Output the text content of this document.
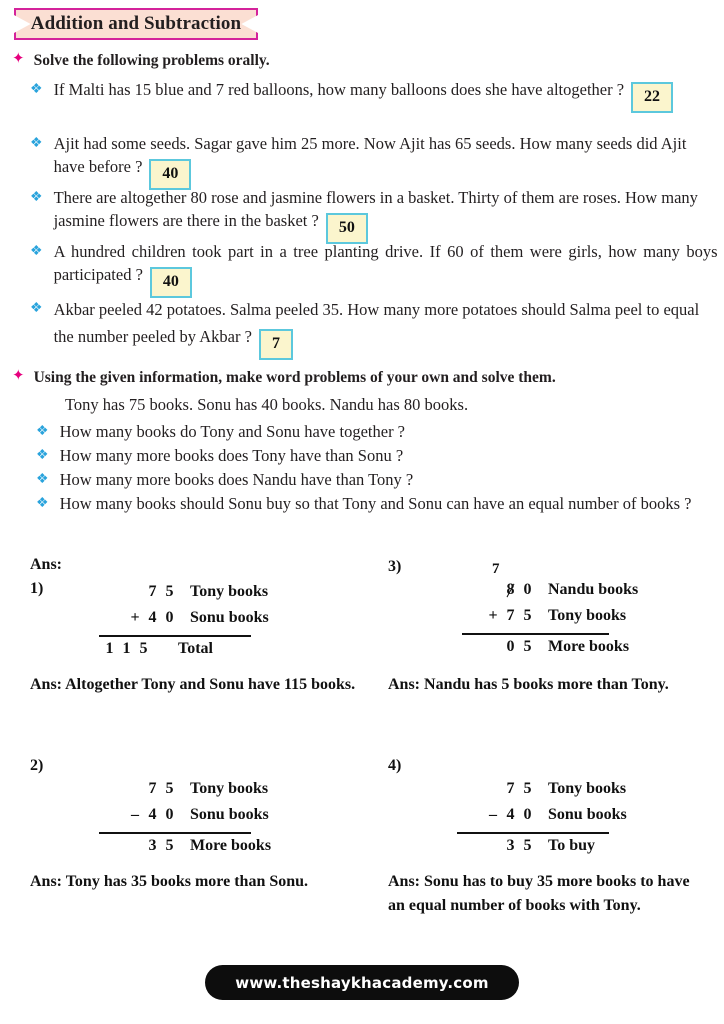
Addition and Subtraction
✦ Solve the following problems orally.
❖ If Malti has 15 blue and 7 red balloons, how many balloons does she have altogether ? 22
❖ Ajit had some seeds. Sagar gave him 25 more. Now Ajit has 65 seeds. How many seeds did Ajit have before ? 40
❖ There are altogether 80 rose and jasmine flowers in a basket. Thirty of them are roses. How many jasmine flowers are there in the basket ? 50
❖ A hundred children took part in a tree planting drive. If 60 of them were girls, how many boys participated ? 40
❖ Akbar peeled 42 potatoes. Salma peeled 35. How many more potatoes should Salma peel to equal the number peeled by Akbar ? 7
✦ Using the given information, make word problems of your own and solve them.
Tony has 75 books. Sonu has 40 books. Nandu has 80 books.
❖ How many books do Tony and Sonu have together ?
❖ How many more books does Tony have than Sonu ?
❖ How many more books does Nandu have than Tony ?
❖ How many books should Sonu buy so that Tony and Sonu can have an equal number of books ?
Ans:
1)	7 5 Tony books
+ 4 0 Sonu books
1 1 5 Total
Ans: Altogether Tony and Sonu have 115 books.
3)	7
8 0 Nandu books
+ 7 5 Tony books
0 5 More books
Ans: Nandu has 5 books more than Tony.
2)
7 5 Tony books
– 4 0 Sonu books
3 5 More books
Ans: Tony has 35 books more than Sonu.
4)
7 5 Tony books
– 4 0 Sonu books
3 5 To buy
Ans: Sonu has to buy 35 more books to have an equal number of books with Tony.
www.theshaykhacademy.com
